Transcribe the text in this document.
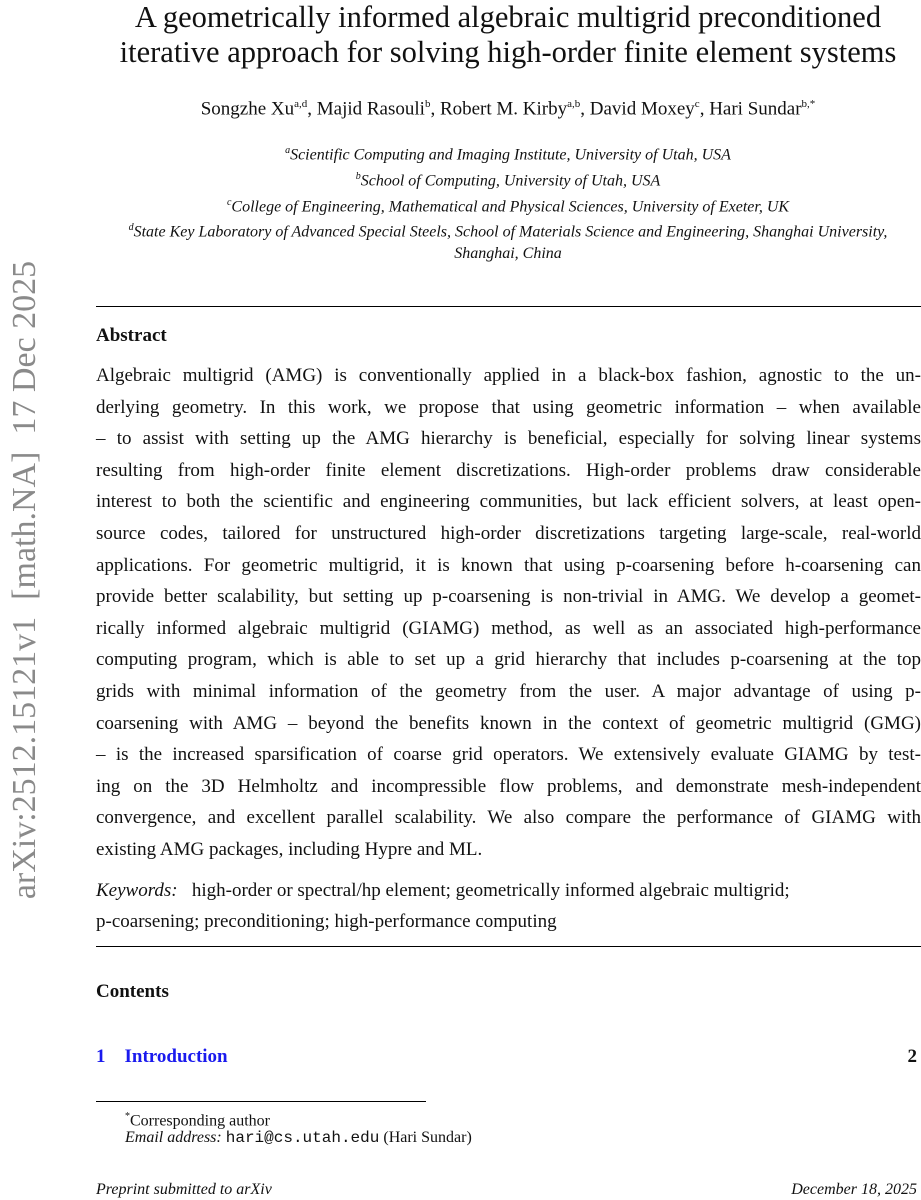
arXiv:2512.15121v1  [math.NA]  17 Dec 2025
A geometrically informed algebraic multigrid preconditioned
iterative approach for solving high-order finite element systems
Songzhe Xu$^{a,d}$, Majid Rasouli$^b$, Robert M. Kirby$^{a,b}$, David Moxey$^c$, Hari Sundar$^{b,*}$
$^a$Scientific Computing and Imaging Institute, University of Utah, USA
$^b$School of Computing, University of Utah, USA
$^c$College of Engineering, Mathematical and Physical Sciences, University of Exeter, UK
$^d$State Key Laboratory of Advanced Special Steels, School of Materials Science and Engineering, Shanghai University, Shanghai, China
Abstract
Algebraic multigrid (AMG) is conventionally applied in a black-box fashion, agnostic to the un-
derlying geometry. In this work, we propose that using geometric information – when available
– to assist with setting up the AMG hierarchy is beneficial, especially for solving linear systems
resulting from high-order finite element discretizations. High-order problems draw considerable
interest to both the scientific and engineering communities, but lack efficient solvers, at least open-
source codes, tailored for unstructured high-order discretizations targeting large-scale, real-world
applications. For geometric multigrid, it is known that using p-coarsening before h-coarsening can
provide better scalability, but setting up p-coarsening is non-trivial in AMG. We develop a geomet-
rically informed algebraic multigrid (GIAMG) method, as well as an associated high-performance
computing program, which is able to set up a grid hierarchy that includes p-coarsening at the top
grids with minimal information of the geometry from the user. A major advantage of using p-
coarsening with AMG – beyond the benefits known in the context of geometric multigrid (GMG)
– is the increased sparsification of coarse grid operators. We extensively evaluate GIAMG by test-
ing on the 3D Helmholtz and incompressible flow problems, and demonstrate mesh-independent
convergence, and excellent parallel scalability. We also compare the performance of GIAMG with
existing AMG packages, including Hypre and ML.
Keywords: high-order or spectral/hp element; geometrically informed algebraic multigrid;
p-coarsening; preconditioning; high-performance computing
Contents
1 Introduction	2
*Corresponding author
Email address: hari@cs.utah.edu (Hari Sundar)
Preprint submitted to arXiv	December 18, 2025
